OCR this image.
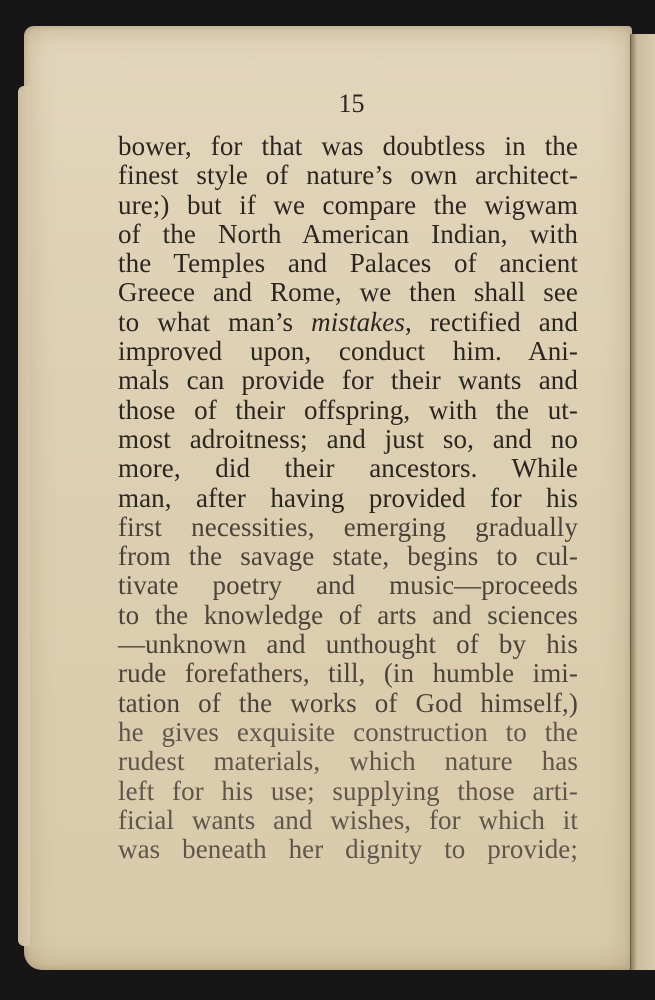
15
bower, for that was doubtless in the
finest style of nature’s own architect-
ure;) but if we compare the wigwam
of the North American Indian, with
the Temples and Palaces of ancient
Greece and Rome, we then shall see
to what man’s mistakes, rectified and
improved upon, conduct him. Ani-
mals can provide for their wants and
those of their offspring, with the ut-
most adroitness; and just so, and no
more, did their ancestors. While
man, after having provided for his
first necessities, emerging gradually
from the savage state, begins to cul-
tivate poetry and music—proceeds
to the knowledge of arts and sciences
—unknown and unthought of by his
rude forefathers, till, (in humble imi-
tation of the works of God himself,)
he gives exquisite construction to the
rudest materials, which nature has
left for his use; supplying those arti-
ficial wants and wishes, for which it
was beneath her dignity to provide;
